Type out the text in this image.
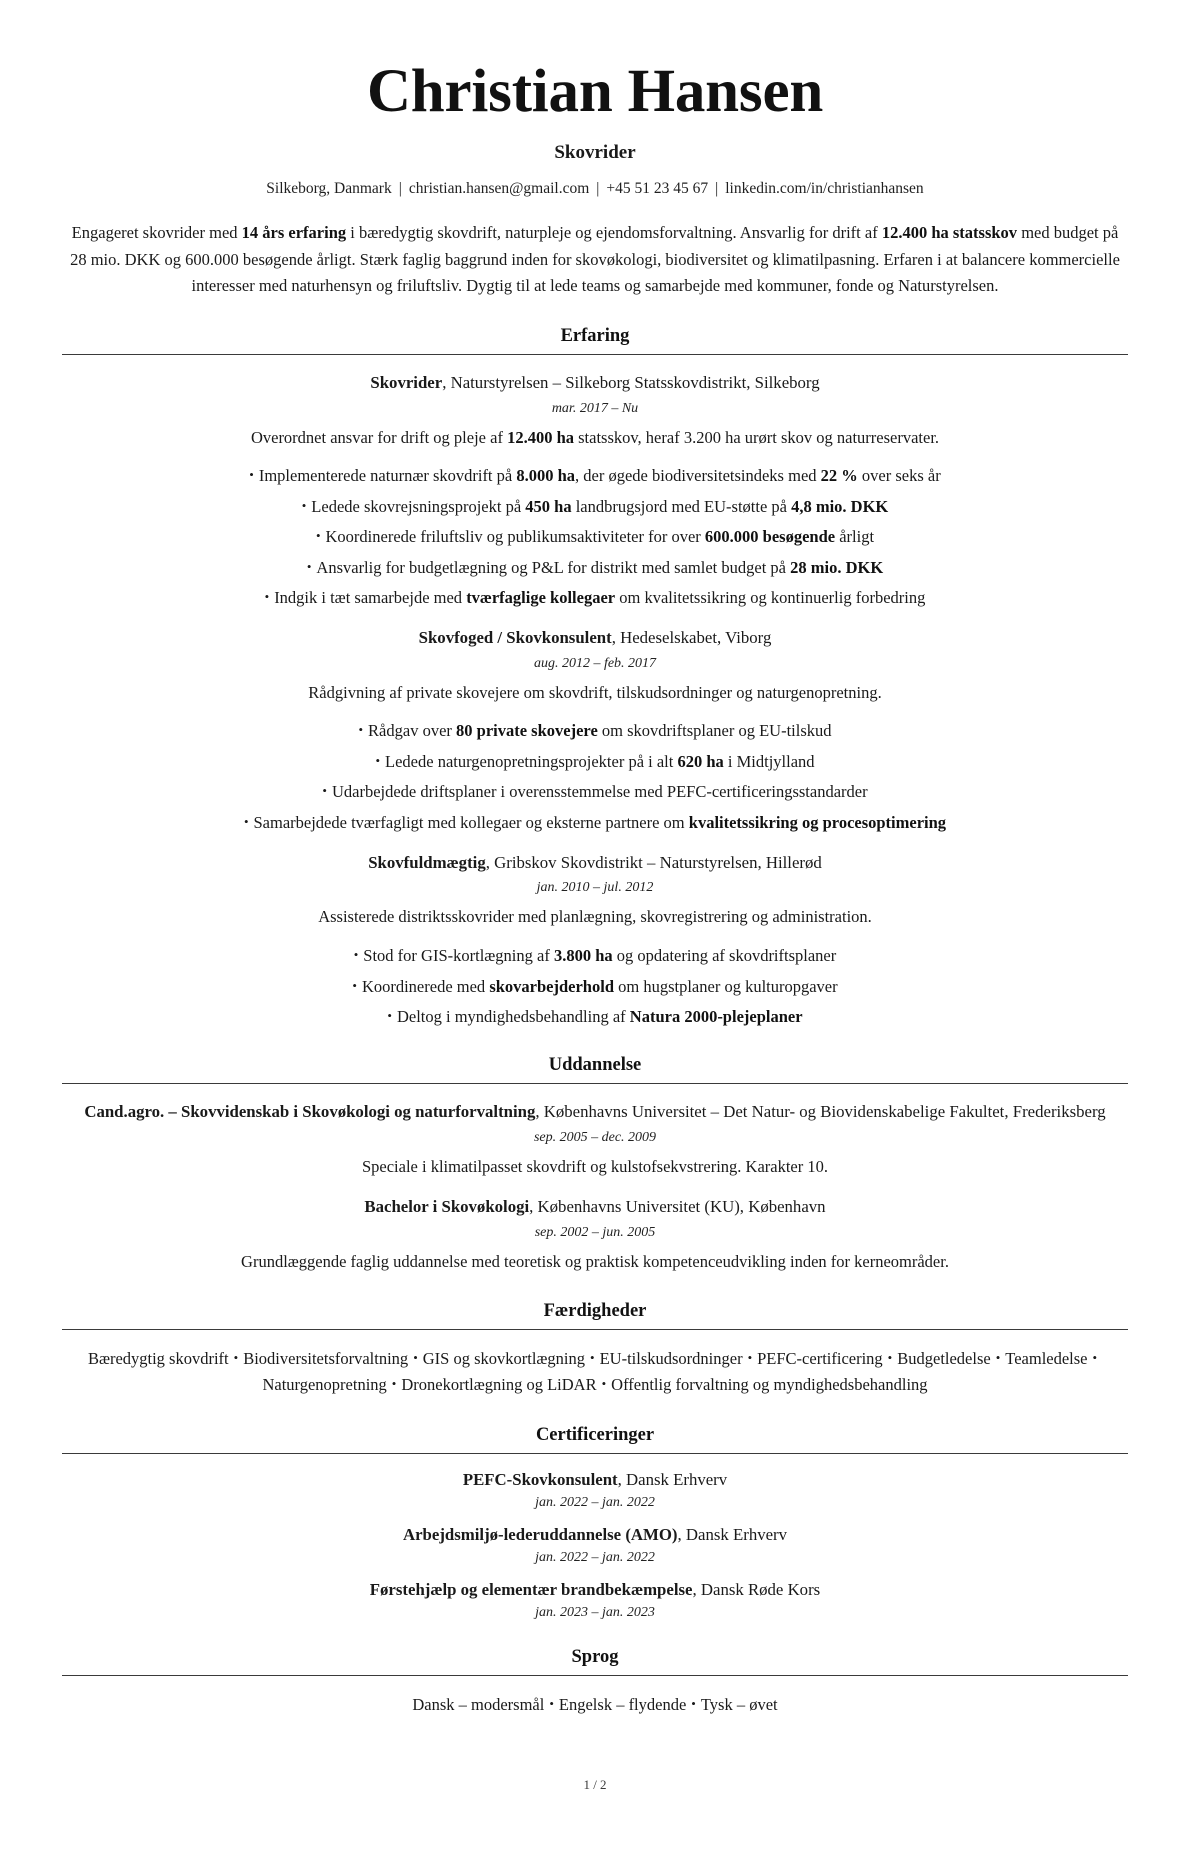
Christian Hansen
Skovrider
Silkeborg, Danmark | christian.hansen@gmail.com | +45 51 23 45 67 | linkedin.com/in/christianhansen
Engageret skovrider med 14 års erfaring i bæredygtig skovdrift, naturpleje og ejendomsforvaltning. Ansvarlig for drift af 12.400 ha statsskov med budget på 28 mio. DKK og 600.000 besøgende årligt. Stærk faglig baggrund inden for skovøkologi, biodiversitet og klimatilpasning. Erfaren i at balancere kommercielle interesser med naturhensyn og friluftsliv. Dygtig til at lede teams og samarbejde med kommuner, fonde og Naturstyrelsen.
Erfaring
Skovrider, Naturstyrelsen – Silkeborg Statsskovdistrikt, Silkeborg
mar. 2017 – Nu
Overordnet ansvar for drift og pleje af 12.400 ha statsskov, heraf 3.200 ha urørt skov og naturreservater.
• Implementerede naturnær skovdrift på 8.000 ha, der øgede biodiversitetsindeks med 22 % over seks år
• Ledede skovrejsningsprojekt på 450 ha landbrugsjord med EU-støtte på 4,8 mio. DKK
• Koordinerede friluftsliv og publikumsaktiviteter for over 600.000 besøgende årligt
• Ansvarlig for budgetlægning og P&L for distrikt med samlet budget på 28 mio. DKK
• Indgik i tæt samarbejde med tværfaglige kollegaer om kvalitetssikring og kontinuerlig forbedring
Skovfoged / Skovkonsulent, Hedeselskabet, Viborg
aug. 2012 – feb. 2017
Rådgivning af private skovejere om skovdrift, tilskudsordninger og naturgenopretning.
• Rådgav over 80 private skovejere om skovdriftsplaner og EU-tilskud
• Ledede naturgenopretningsprojekter på i alt 620 ha i Midtjylland
• Udarbejdede driftsplaner i overensstemmelse med PEFC-certificeringsstandarder
• Samarbejdede tværfagligt med kollegaer og eksterne partnere om kvalitetssikring og procesoptimering
Skovfuldmægtig, Gribskov Skovdistrikt – Naturstyrelsen, Hillerød
jan. 2010 – jul. 2012
Assisterede distriktsskovrider med planlægning, skovregistrering og administration.
• Stod for GIS-kortlægning af 3.800 ha og opdatering af skovdriftsplaner
• Koordinerede med skovarbejderhold om hugstplaner og kulturopgaver
• Deltog i myndighedsbehandling af Natura 2000-plejeplaner
Uddannelse
Cand.agro. – Skovvidenskab i Skovøkologi og naturforvaltning, Københavns Universitet – Det Natur- og Biovidenskabelige Fakultet, Frederiksberg
sep. 2005 – dec. 2009
Speciale i klimatilpasset skovdrift og kulstofsekvstrering. Karakter 10.
Bachelor i Skovøkologi, Københavns Universitet (KU), København
sep. 2002 – jun. 2005
Grundlæggende faglig uddannelse med teoretisk og praktisk kompetenceudvikling inden for kerneområder.
Færdigheder
Bæredygtig skovdrift • Biodiversitetsforvaltning • GIS og skovkortlægning • EU-tilskudsordninger • PEFC-certificering • Budgetledelse • Teamledelse •Naturgenopretning • Dronekortlægning og LiDAR • Offentlig forvaltning og myndighedsbehandling
Certificeringer
PEFC-Skovkonsulent, Dansk Erhverv
jan. 2022 – jan. 2022
Arbejdsmiljø-lederuddannelse (AMO), Dansk Erhverv
jan. 2022 – jan. 2022
Førstehjælp og elementær brandbekæmpelse, Dansk Røde Kors
jan. 2023 – jan. 2023
Sprog
Dansk – modersmål • Engelsk – flydende • Tysk – øvet
1 / 2
